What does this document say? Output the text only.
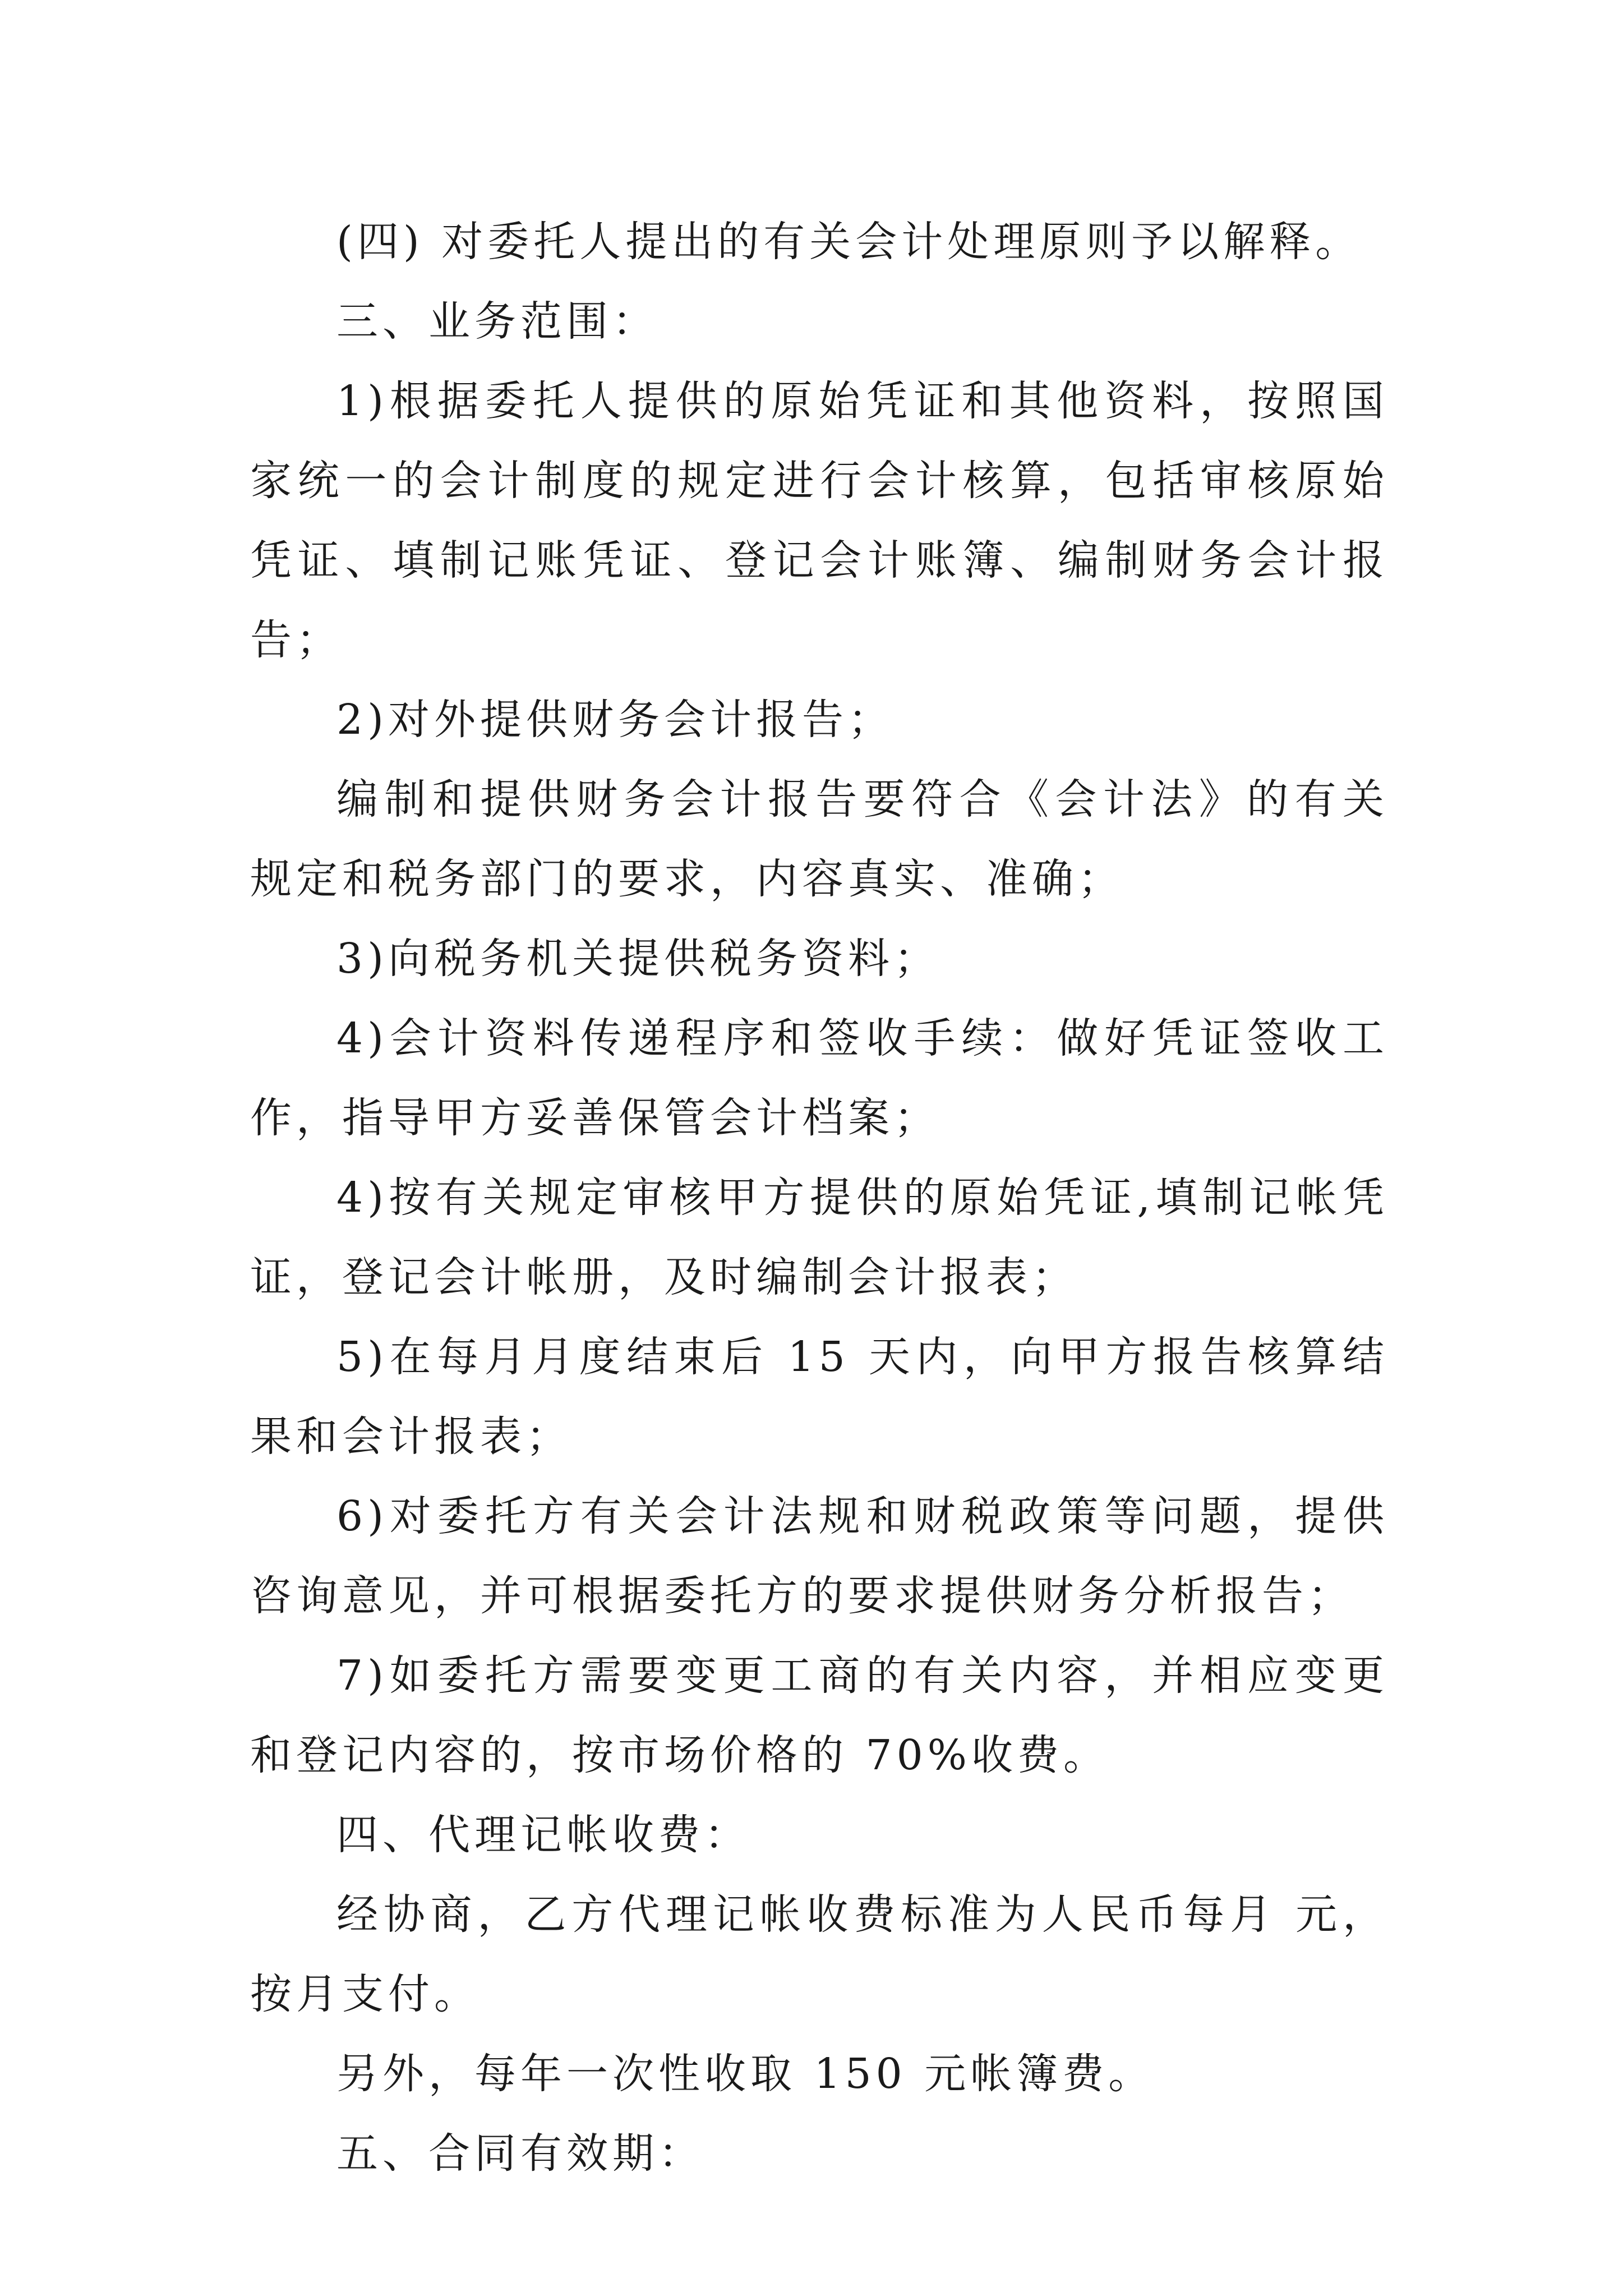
(四) 对委托人提出的有关会计处理原则予以解释。

三、业务范围：

1)根据委托人提供的原始凭证和其他资料，按照国家统一的会计制度的规定进行会计核算，包括审核原始凭证、填制记账凭证、登记会计账簿、编制财务会计报告；

2)对外提供财务会计报告；

编制和提供财务会计报告要符合《会计法》的有关规定和税务部门的要求，内容真实、准确；

3)向税务机关提供税务资料；

4)会计资料传递程序和签收手续：做好凭证签收工作，指导甲方妥善保管会计档案；

4)按有关规定审核甲方提供的原始凭证,填制记帐凭证，登记会计帐册，及时编制会计报表；

5)在每月月度结束后 15 天内，向甲方报告核算结果和会计报表；

6)对委托方有关会计法规和财税政策等问题，提供咨询意见，并可根据委托方的要求提供财务分析报告；

7)如委托方需要变更工商的有关内容，并相应变更和登记内容的，按市场价格的 70%收费。

四、代理记帐收费：

经协商，乙方代理记帐收费标准为人民币每月 元，按月支付。

另外，每年一次性收取 150 元帐簿费。

五、合同有效期：
